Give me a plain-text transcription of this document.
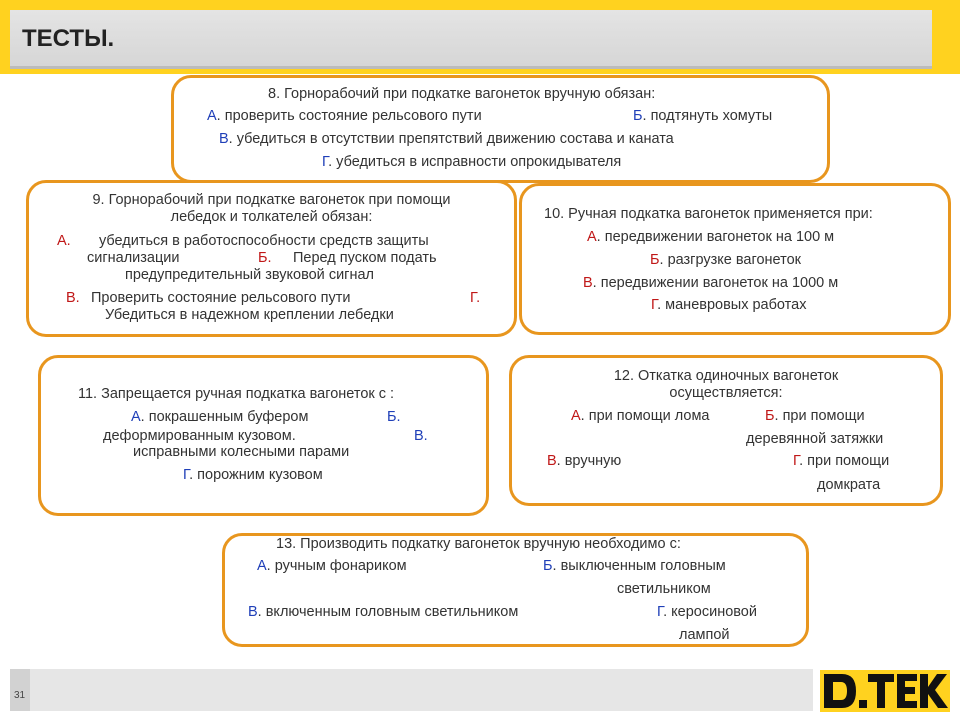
ТЕСТЫ.
8. Горнорабочий при подкатке вагонеток вручную обязан:
А. проверить состояние рельсового пути	Б. подтянуть хомуты
В. убедиться в отсутствии препятствий движению состава и каната
Г. убедиться в исправности опрокидывателя
9. Горнорабочий при подкатке вагонеток при помощи
лебедок и толкателей обязан:
А. убедиться в работоспособности средств защиты
сигнализации	Б. Перед пуском подать
предупредительный звуковой сигнал
В. Проверить состояние рельсового пути	Г.
Убедиться в надежном креплении лебедки
10. Ручная подкатка вагонеток применяется при:
А. передвижении вагонеток на 100 м
Б. разгрузке вагонеток
В. передвижении вагонеток на 1000 м
Г. маневровых работах
11. Запрещается ручная подкатка вагонеток с :
А. покрашенным буфером	Б.
деформированным кузовом.	В.
исправными колесными парами
Г. порожним кузовом
12. Откатка одиночных вагонеток
осуществляется:
А. при помощи лома	Б. при помощи
деревянной затяжки
В. вручную	Г. при помощи
домкрата
13. Производить подкатку вагонеток вручную необходимо с:
А. ручным фонариком	Б. выключенным головным
светильником
В. включенным головным светильником	Г. керосиновой
лампой
31
